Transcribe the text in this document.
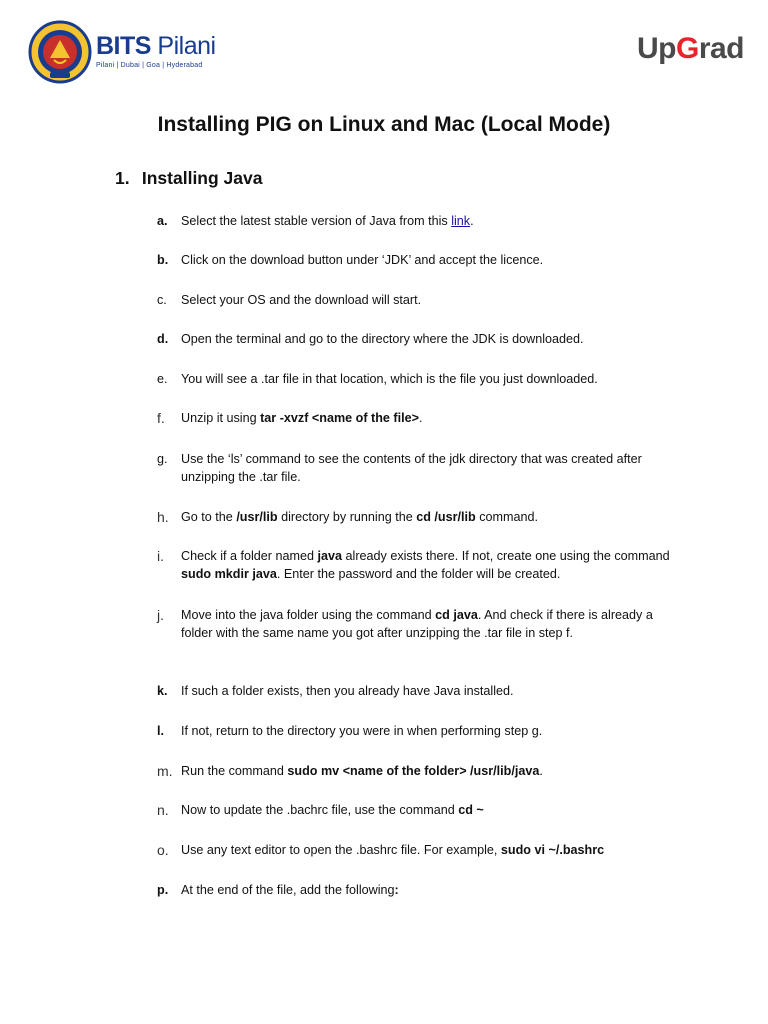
BITS Pilani
Pilani | Dubai | Goa | Hyderabad	UpGrad
Installing PIG on Linux and Mac (Local Mode)
1. Installing Java
a.	Select the latest stable version of Java from this link.
b.	Click on the download button under ‘JDK’ and accept the licence.
c.	Select your OS and the download will start.
d.	Open the terminal and go to the directory where the JDK is downloaded.
e.	You will see a .tar file in that location, which is the file you just downloaded.
f.	Unzip it using tar -xvzf <name of the file>.
g.	Use the ‘ls’ command to see the contents of the jdk directory that was created after unzipping the .tar file.
h. Go to the /usr/lib directory by running the cd /usr/lib command.
i.	Check if a folder named java already exists there. If not, create one using the command sudo mkdir java. Enter the password and the folder will be created.
j.	Move into the java folder using the command cd java. And check if there is already a folder with the same name you got after unzipping the .tar file in step f.
k.	If such a folder exists, then you already have Java installed.
l.	If not, return to the directory you were in when performing step g.
m. Run the command sudo mv <name of the folder> /usr/lib/java.
n. Now to update the .bachrc file, use the command cd ~
o. Use any text editor to open the .bashrc file. For example, sudo vi ~/.bashrc
p.	At the end of the file, add the following:
